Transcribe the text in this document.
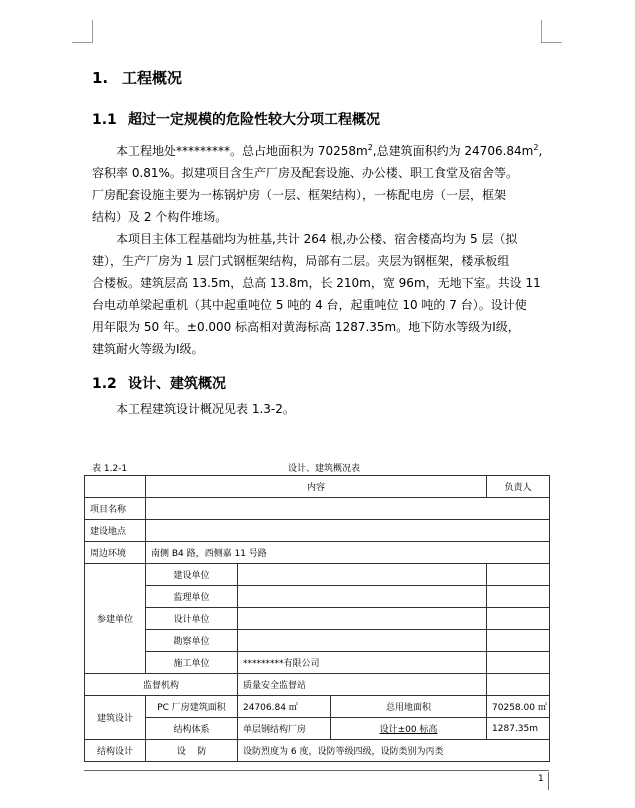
1. 工程概况
1.1 超过一定规模的危险性较大分项工程概况

本工程地处*********。总占地面积为 $70258m^2$,总建筑面积约为 $24706.84m^2$,

容积率 0.81%。拟建项目含生产厂房及配套设施、办公楼、职工食堂及宿舍等。

厂房配套设施主要为一栋锅炉房（一层、框架结构），一栋配电房（一层，框架

结构）及 2 个构件堆场。

本项目主体工程基础均为桩基,共计 264 根,办公楼、宿舍楼高均为 5 层（拟

建），生产厂房为 1 层门式钢框架结构，局部有二层。夹层为钢框架，楼承板组

合楼板。建筑层高 13.5m，总高 13.8m，长 210m，宽 96m，无地下室。共设 11

台电动单梁起重机（其中起重吨位 5 吨的 4 台，起重吨位 10 吨的 7 台）。设计使

用年限为 50 年。±0.000 标高相对黄海标高 1287.35m。地下防水等级为Ⅰ级，

建筑耐火等级为Ⅰ级。

1.2 设计、建筑概况

本工程建筑设计概况见表 1.3-2。

表 1.2-1	设计、建筑概况表
	内容			负责人
项目名称				
建设地点				
周边环境	南侧 B4 路，西侧嘉 11 号路			
参建单位	建设单位			
	监理单位			
	设计单位			
	勘察单位			
	施工单位	*********有限公司		
监督机构		质量安全监督站		
建筑设计	PC 厂房建筑面积	24706.84 ㎡	总用地面积	70258.00 ㎡
	结构体系	单层钢结构厂房	设计±00 标高	1287.35m
结构设计	设    防	设防烈度为 6 度，设防等级四级，设防类别为丙类		
1
